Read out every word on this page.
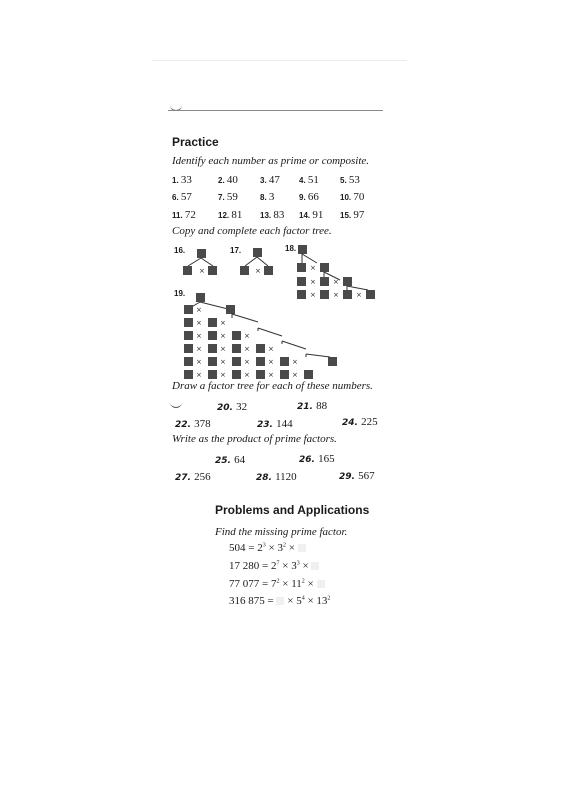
Practice
Identify each number as prime or composite.
1. 33	2. 40	3. 47 4. 51	5. 53
6. 57	7. 59	8. 3	9. 66	10. 70
11. 72	12. 81 13. 83 14. 91 15. 97
Copy and complete each factor tree.
16.	17.	18.
19.
×	×	×
× ×
× × ×
×
×	×
×	×	×
×	×	×	×
×	×	×	×	×
×	×	×	×	×
Draw a factor tree for each of these numbers.
20. 32	21. 88
22. 378	23. 144	24. 225
Write as the product of prime factors.
25. 64	26. 165
27. 256	28. 1120	29. 567
Problems and Applications
Find the missing prime factor.
$504 = 2^3 \times 3^2$ ×
17 $280 = 2^7 \times 3^3$ ×
77 $077 = 7^2 \times 11^2$ ×
316 875 =  × $5^4 \times 13^2$
